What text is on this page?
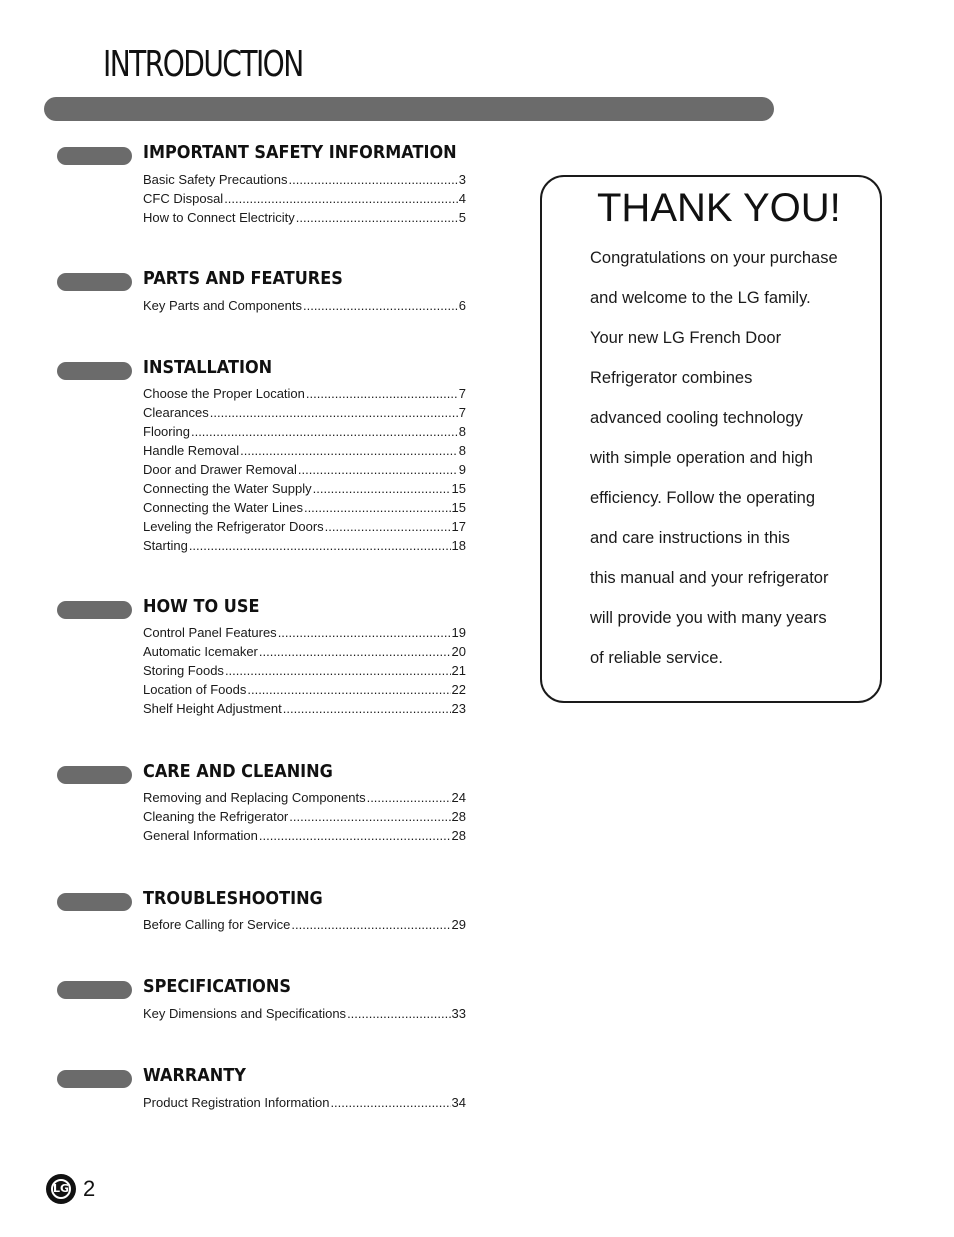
INTRODUCTION
IMPORTANT SAFETY INFORMATION
Basic Safety Precautions .....	3
CFC Disposal .....	4
How to Connect Electricity .....	5
PARTS AND FEATURES
Key Parts and Components .....	6
INSTALLATION
Choose the Proper Location .....	7
Clearances .....	7
Flooring .....	8
Handle Removal .....	8
Door and Drawer Removal .....	9
Connecting the Water Supply .....	15
Connecting the Water Lines .....	15
Leveling the Refrigerator Doors .....	17
Starting .....	18
HOW TO USE
Control Panel Features .....	19
Automatic Icemaker .....	20
Storing Foods .....	21
Location of Foods .....	22
Shelf Height Adjustment .....	23
CARE AND CLEANING
Removing and Replacing Components .....	24
Cleaning the Refrigerator .....	28
General Information .....	28
TROUBLESHOOTING
Before Calling for Service .....	29
SPECIFICATIONS
Key Dimensions and Specifications .....	33
WARRANTY
Product Registration Information .....	34
THANK YOU!
Congratulations on your purchase
and welcome to the LG family.
Your new LG French Door
Refrigerator combines
advanced cooling technology
with simple operation and high
efficiency. Follow the operating
and care instructions in this
this manual and your refrigerator
will provide you with many years
of reliable service.
LG 2
